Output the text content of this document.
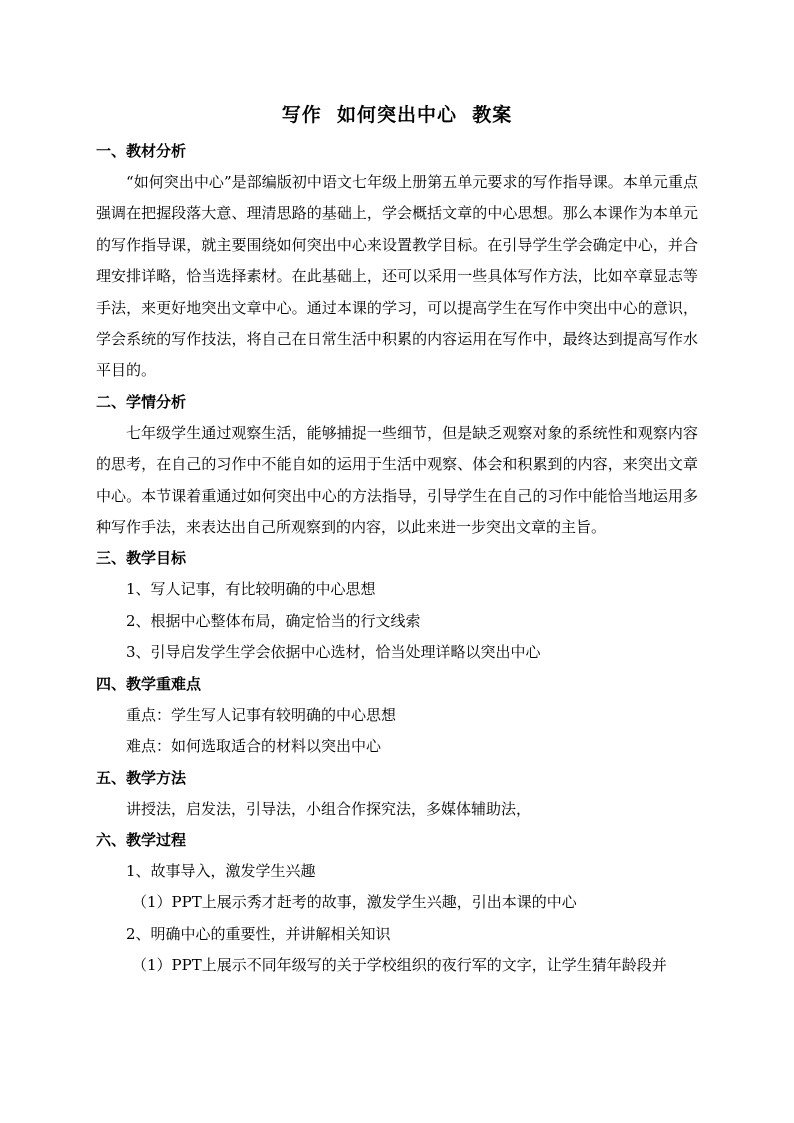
写作  如何突出中心  教案
一、教材分析

“如何突出中心”是部编版初中语文七年级上册第五单元要求的写作指导课。本单元重点强调在把握段落大意、理清思路的基础上，学会概括文章的中心思想。那么本课作为本单元的写作指导课，就主要围绕如何突出中心来设置教学目标。在引导学生学会确定中心，并合理安排详略，恰当选择素材。在此基础上，还可以采用一些具体写作方法，比如卒章显志等手法，来更好地突出文章中心。通过本课的学习，可以提高学生在写作中突出中心的意识，学会系统的写作技法，将自己在日常生活中积累的内容运用在写作中，最终达到提高写作水平目的。

二、学情分析

七年级学生通过观察生活，能够捕捉一些细节，但是缺乏观察对象的系统性和观察内容的思考，在自己的习作中不能自如的运用于生活中观察、体会和积累到的内容，来突出文章中心。本节课着重通过如何突出中心的方法指导，引导学生在自己的习作中能恰当地运用多种写作手法，来表达出自己所观察到的内容，以此来进一步突出文章的主旨。

三、教学目标
1、写人记事，有比较明确的中心思想
2、根据中心整体布局，确定恰当的行文线索
3、引导启发学生学会依据中心选材，恰当处理详略以突出中心
四、教学重难点
重点：学生写人记事有较明确的中心思想
难点：如何选取适合的材料以突出中心
五、教学方法
讲授法，启发法，引导法，小组合作探究法，多媒体辅助法，
六、教学过程
1、故事导入，激发学生兴趣
（1）PPT上展示秀才赶考的故事，激发学生兴趣，引出本课的中心
2、明确中心的重要性，并讲解相关知识
（1）PPT上展示不同年级写的关于学校组织的夜行军的文字，让学生猜年龄段并
